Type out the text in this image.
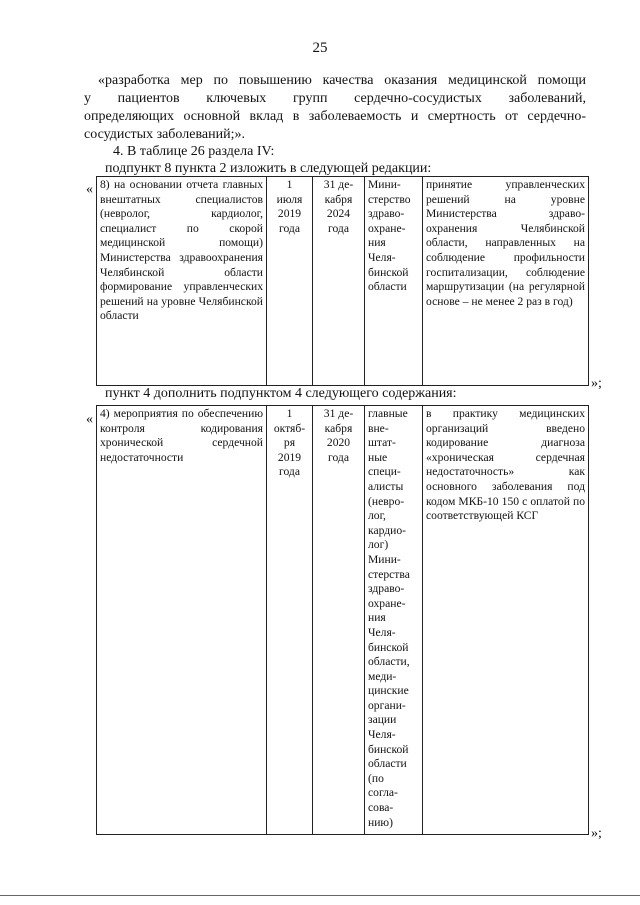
25
«разработка мер по повышению качества оказания медицинской помощи
у пациентов ключевых групп сердечно-сосудистых заболеваний,
определяющих основной вклад в заболеваемость и смертность от сердечно-
сосудистых заболеваний;».
4. В таблице 26 раздела IV:
подпункт 8 пункта 2 изложить в следующей редакции:
« 8) на основании отчета главных внештатных специалистов (невролог, кардиолог, специалист по скорой медицинской помощи) Министерства здравоохранения Челябинской области формирование управленческих решений на уровне Челябинской области	1
июля
2019
года	31 де-
кабря
2024
года	Мини-
стерство
здраво-
охране-
ния
Челя-
бинской
области	принятие управленческих решений на уровне Министерства здраво-охранения Челябинской области, направленных на соблюдение профильности госпитализации, соблюдение маршрутизации (на регулярной основе – не менее 2 раз в год)
»;
пункт 4 дополнить подпунктом 4 следующего содержания:
« 4) мероприятия по обеспечению контроля кодирования хронической сердечной недостаточности	1
октяб-
ря
2019
года	31 де-
кабря
2020
года	главные
вне-
штат-
ные
специ-
алисты
(невро-
лог,
кардио-
лог)
Мини-
стерства
здраво-
охране-
ния
Челя-
бинской
области,
меди-
цинские
органи-
зации
Челя-
бинской
области
(по
согла-
сова-
нию)	в практику медицинских организаций введено кодирование диагноза «хроническая сердечная недостаточность» как основного заболевания под кодом МКБ-10 150 с оплатой по соответствующей КСГ
»;
